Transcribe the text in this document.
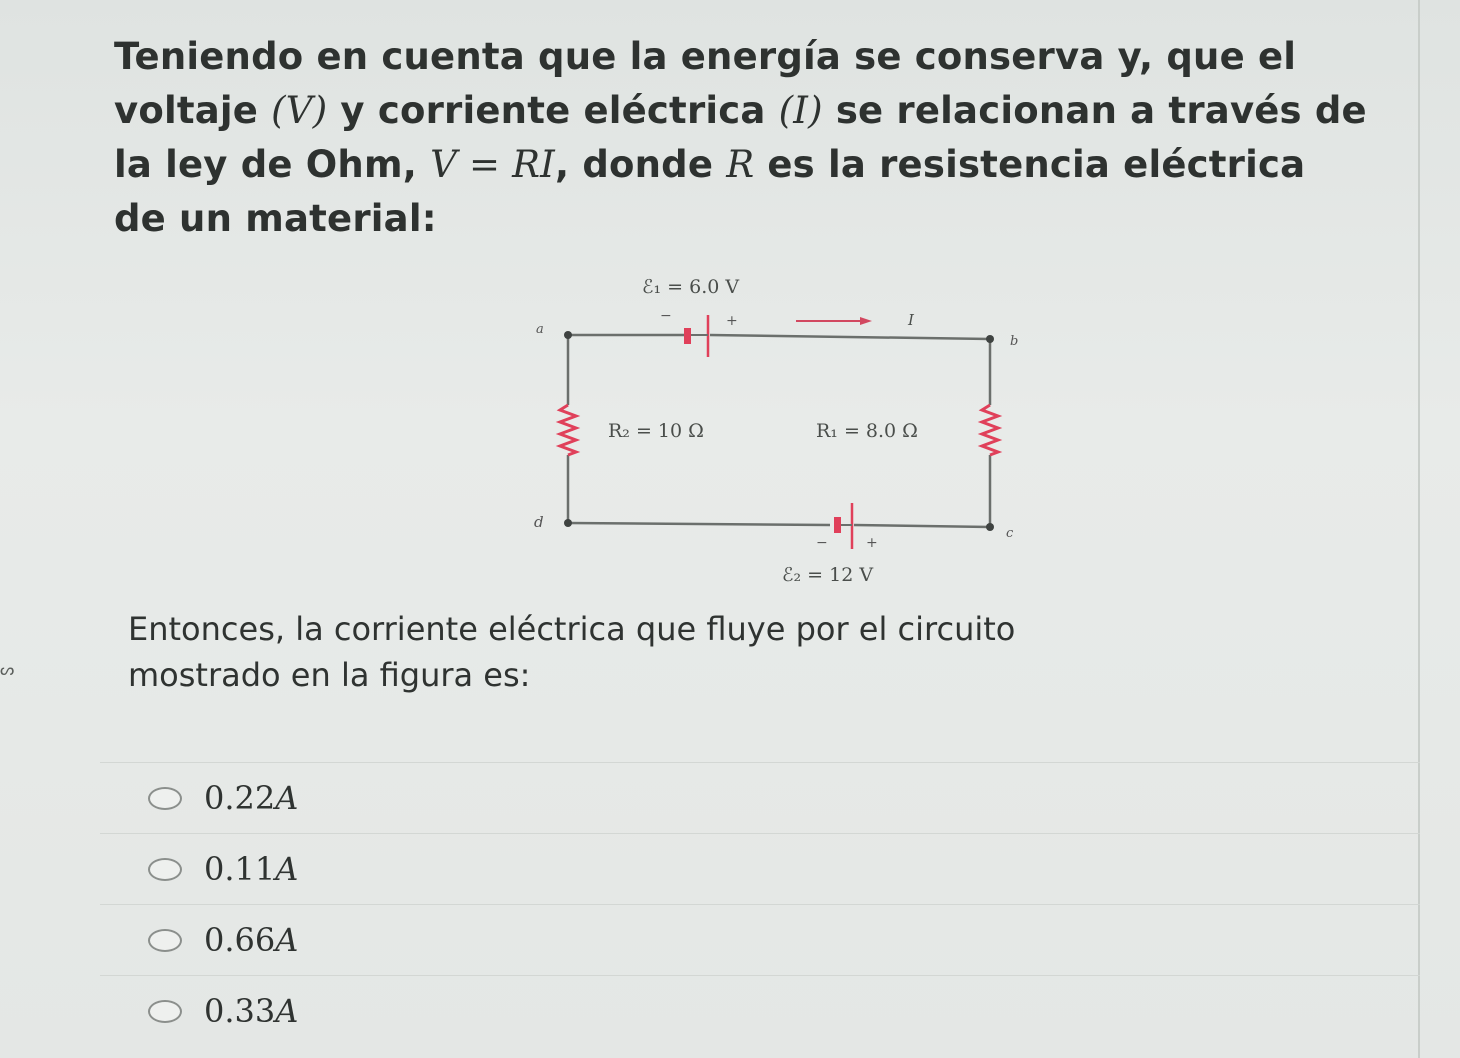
Teniendo en cuenta que la energía se conserva y, que el
voltaje (V) y corriente eléctrica (I) se relacionan a través de
la ley de Ohm, V = RI, donde R es la resistencia eléctrica
de un material:
−	+
ℰ₁ = 6.0 V
I
a
b
c
d
R₂ = 10 Ω	R₁ = 8.0 Ω
−	+
ℰ₂ = 12 V
Entonces, la corriente eléctrica que fluye por el circuito
mostrado en la figura es:
ᔕ
0.22A
0.11A
0.66A
0.33A
